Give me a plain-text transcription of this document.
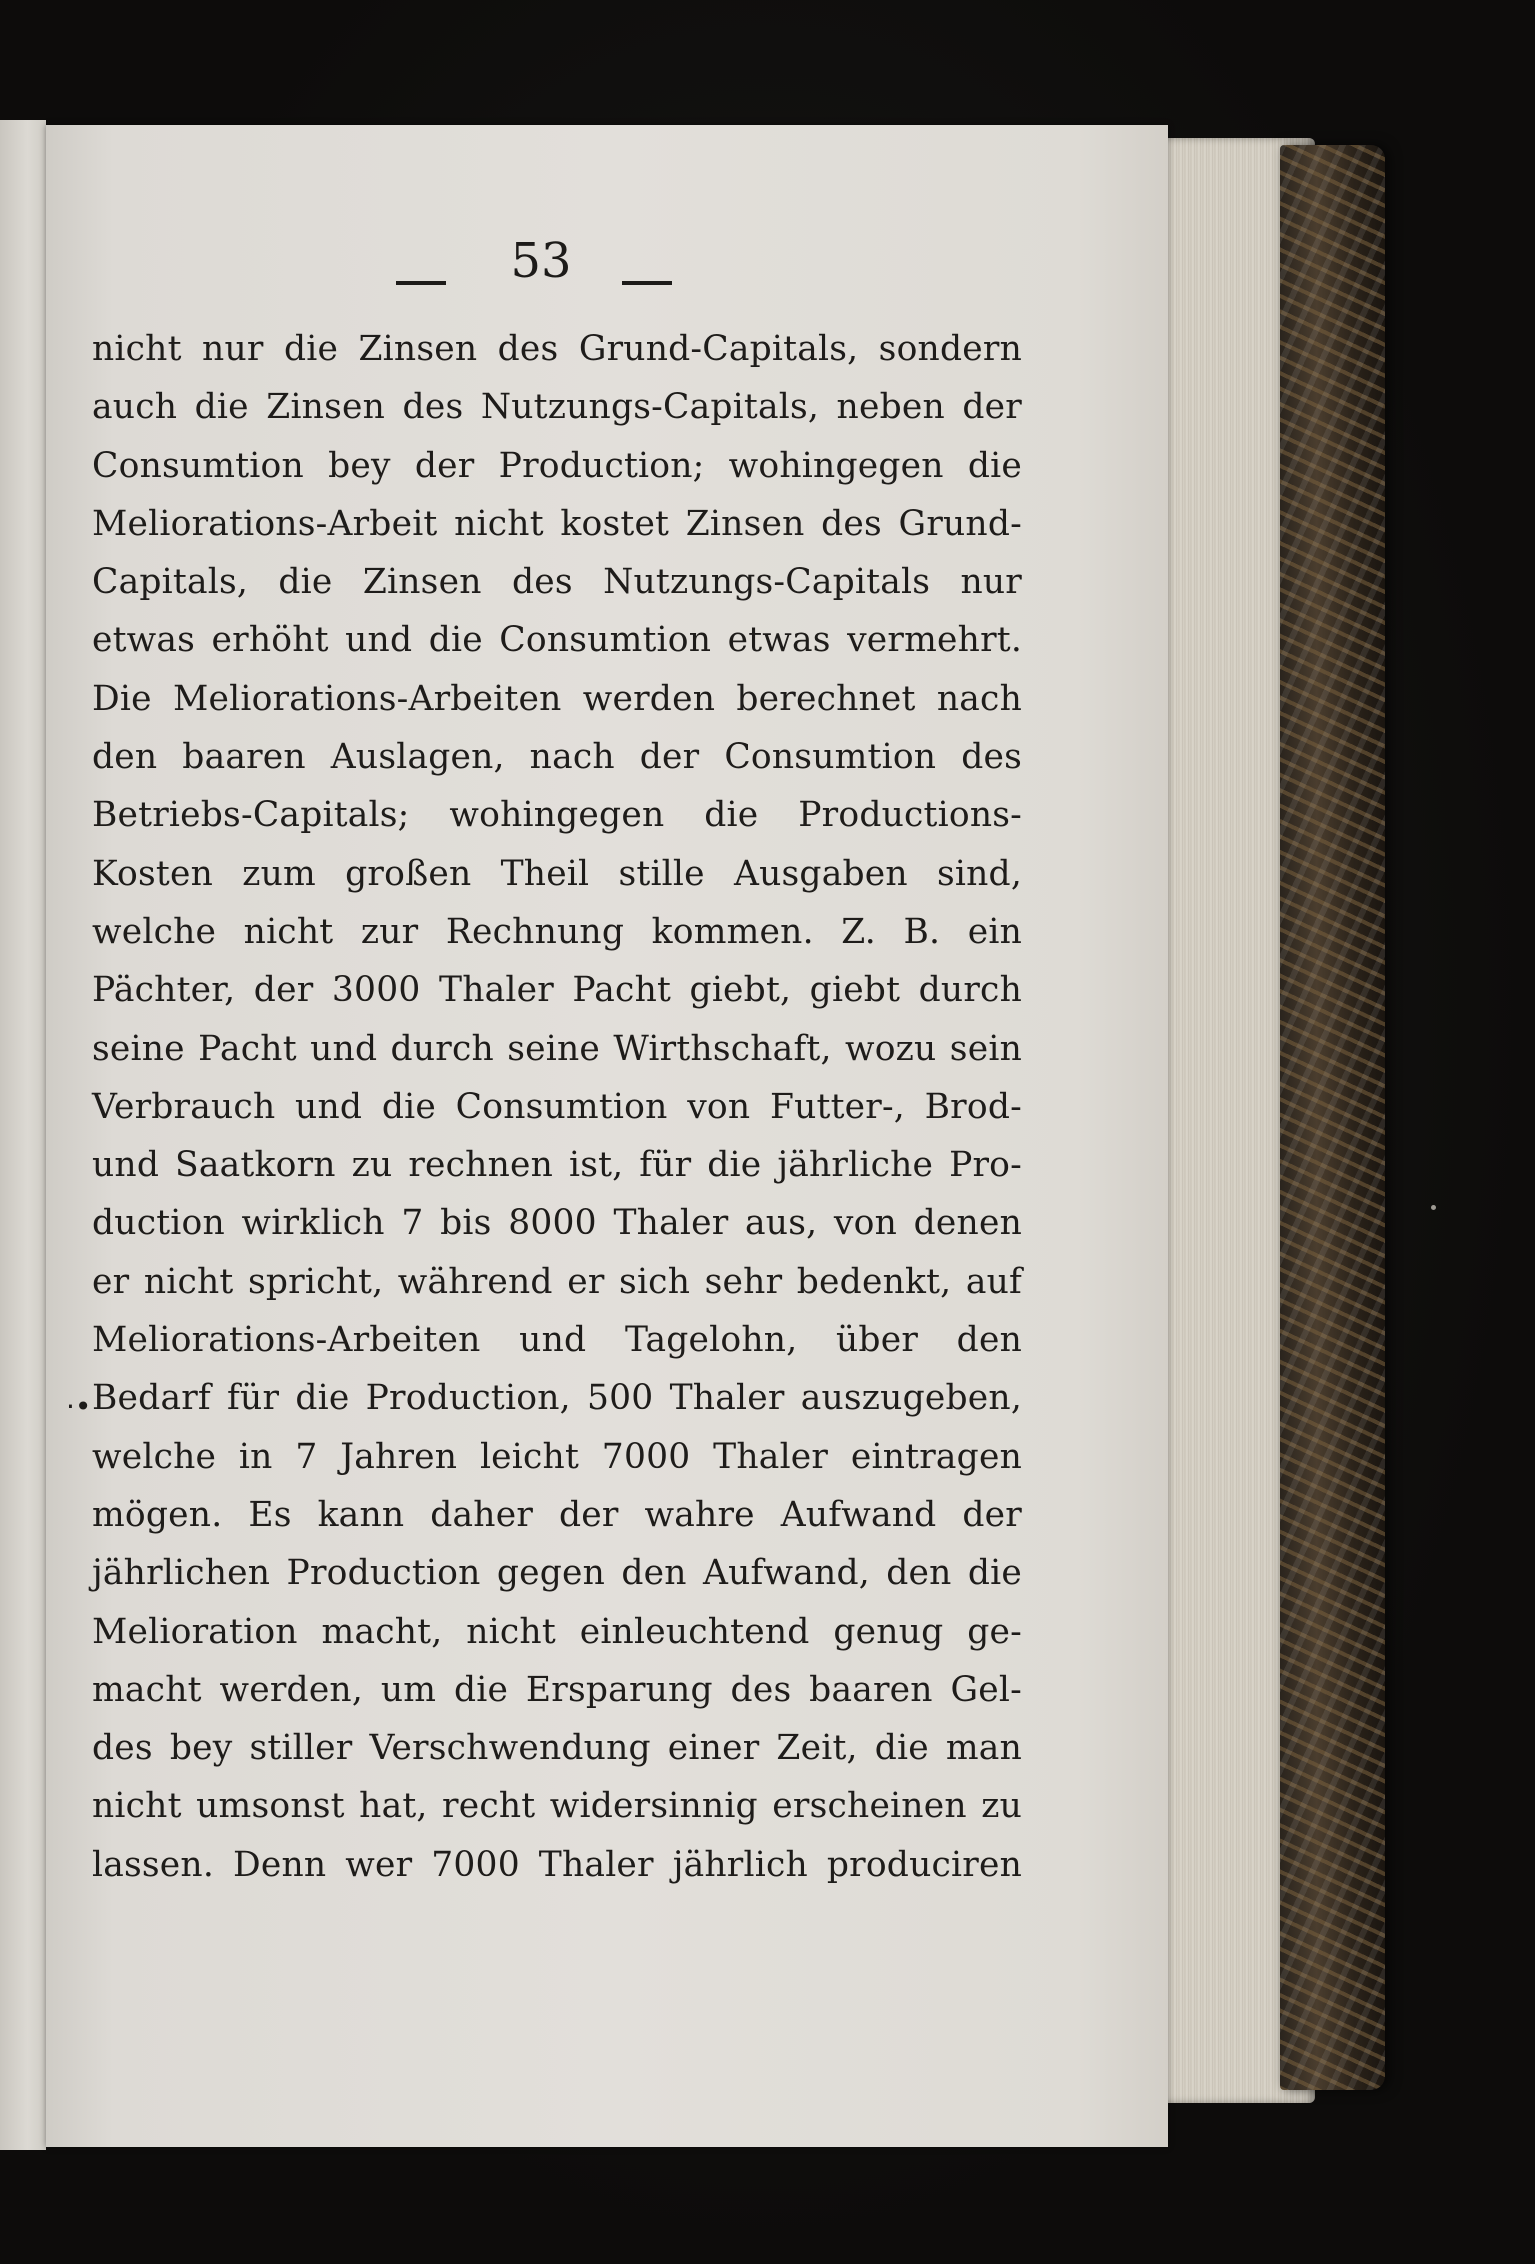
53
nicht nur die Zinsen des Grund-Capitals, sondern
auch die Zinsen des Nutzungs-Capitals, neben der
Consumtion bey der Production; wohingegen die
Meliorations-Arbeit nicht kostet Zinsen des Grund-
Capitals, die Zinsen des Nutzungs-Capitals nur
etwas erhöht und die Consumtion etwas vermehrt.
Die Meliorations-Arbeiten werden berechnet nach
den baaren Auslagen, nach der Consumtion des
Betriebs-Capitals; wohingegen die Productions-
Kosten zum großen Theil stille Ausgaben sind,
welche nicht zur Rechnung kommen. Z. B. ein
Pächter, der 3000 Thaler Pacht giebt, giebt durch
seine Pacht und durch seine Wirthschaft, wozu sein
Verbrauch und die Consumtion von Futter-, Brod-
und Saatkorn zu rechnen ist, für die jährliche Pro-
duction wirklich 7 bis 8000 Thaler aus, von denen
er nicht spricht, während er sich sehr bedenkt, auf
Meliorations-Arbeiten und Tagelohn, über den
Bedarf für die Production, 500 Thaler auszugeben,
welche in 7 Jahren leicht 7000 Thaler eintragen
mögen. Es kann daher der wahre Aufwand der
jährlichen Production gegen den Aufwand, den die
Melioration macht, nicht einleuchtend genug ge-
macht werden, um die Ersparung des baaren Gel-
des bey stiller Verschwendung einer Zeit, die man
nicht umsonst hat, recht widersinnig erscheinen zu
lassen. Denn wer 7000 Thaler jährlich produciren
·•
